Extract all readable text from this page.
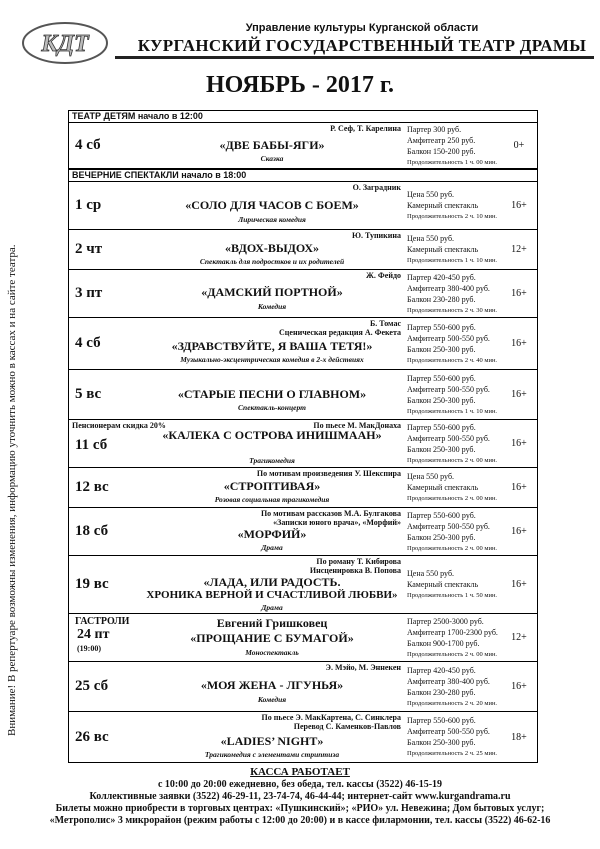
Внимание! В репертуаре возможны изменения, информацию уточнить можно в кассах и на сайте театра.
КДТ
Управление культуры Курганской области
КУРГАНСКИЙ ГОСУДАРСТВЕННЫЙ ТЕАТР ДРАМЫ
НОЯБРЬ - 2017 г.
ТЕАТР ДЕТЯМ начало в 12:00
4 сб
Р. Сеф, Т. Карелина
«ДВЕ БАБЫ-ЯГИ»
Сказка
Партер 300 руб.
Амфитеатр 250 руб.
Балкон 150-200 руб.
Продолжительность 1 ч. 00 мин.
0+
ВЕЧЕРНИЕ СПЕКТАКЛИ начало в 18:00
1 ср
О. Заградник
«СОЛО ДЛЯ ЧАСОВ С БОЕМ»
Лирическая комедия
Цена 550 руб.
Камерный спектакль
Продолжительность 2 ч. 10 мин.
16+
2 чт
Ю. Тупикина
«ВДОХ-ВЫДОХ»
Спектакль для подростков и их родителей
Цена 550 руб.
Камерный спектакль
Продолжительность 1 ч. 10 мин.
12+
3 пт
Ж. Фейдо
«ДАМСКИЙ ПОРТНОЙ»
Комедия
Партер 420-450 руб.
Амфитеатр 380-400 руб.
Балкон 230-280 руб.
Продолжительность 2 ч. 30 мин.
16+
4 сб
Б. Томас
Сценическая редакция А. Фекета
«ЗДРАВСТВУЙТЕ, Я ВАША ТЕТЯ!»
Музыкально-эксцентрическая комедия в 2-х действиях
Партер 550-600 руб.
Амфитеатр 500-550 руб.
Балкон 250-300 руб.
Продолжительность 2 ч. 40 мин.
16+
5 вс	«СТАРЫЕ ПЕСНИ О ГЛАВНОМ»
Спектакль-концерт
Партер 550-600 руб.
Амфитеатр 500-550 руб.
Балкон 250-300 руб.
Продолжительность 1 ч. 10 мин.
16+
Пенсионерам скидка 20%
11 сб
По пьесе М. МакДонаха
«КАЛЕКА С ОСТРОВА ИНИШМААН»
Трагикомедия
Партер 550-600 руб.
Амфитеатр 500-550 руб.
Балкон 250-300 руб.
Продолжительность 2 ч. 00 мин.
16+
12 вс
По мотивам произведения У. Шекспира
«СТРОПТИВАЯ»
Розовая социальная трагикомедия
Цена 550 руб.
Камерный спектакль
Продолжительность 2 ч. 00 мин.
16+
18 сб
По мотивам рассказов М.А. Булгакова
«Записки юного врача», «Морфий»
«МОРФИЙ»
Драма
Партер 550-600 руб.
Амфитеатр 500-550 руб.
Балкон 250-300 руб.
Продолжительность 2 ч. 00 мин.
16+
19 вс
По роману Т. Кибирова
Инсценировка В. Попова
«ЛАДА, ИЛИ РАДОСТЬ.
ХРОНИКА ВЕРНОЙ И СЧАСТЛИВОЙ ЛЮБВИ»
Драма
Цена 550 руб.
Камерный спектакль
Продолжительность 1 ч. 50 мин.
16+
ГАСТРОЛИ
24 пт
(19:00)
Евгений Гришковец
«ПРОЩАНИЕ С БУМАГОЙ»
Моноспектакль
Партер 2500-3000 руб.
Амфитеатр 1700-2300 руб.
Балкон 900-1700 руб.
Продолжительность 2 ч. 00 мин.
12+
25 сб
Э. Мэйо, М. Эннекен
«МОЯ ЖЕНА - ЛГУНЬЯ»
Комедия
Партер 420-450 руб.
Амфитеатр 380-400 руб.
Балкон 230-280 руб.
Продолжительность 2 ч. 20 мин.
16+
26 вс
По пьесе Э. МакКартена, С. Синклера
Перевод С. Каменков-Павлов
«LADIES’ NIGHT»
Трагикомедия с элементами стриптиза
Партер 550-600 руб.
Амфитеатр 500-550 руб.
Балкон 250-300 руб.
Продолжительность 2 ч. 25 мин.
18+
КАССА РАБОТАЕТ
с 10:00 до 20:00 ежедневно, без обеда, тел. кассы (3522) 46-15-19
Коллективные заявки (3522) 46-29-11, 23-74-74, 46-44-44; интернет-сайт www.kurgandrama.ru
Билеты можно приобрести в торговых центрах: «Пушкинский»; «РИО» ул. Невежина; Дом бытовых услуг;
«Метрополис» 3 микрорайон (режим работы с 12:00 до 20:00) и в кассе филармонии, тел. кассы (3522) 46-62-16
